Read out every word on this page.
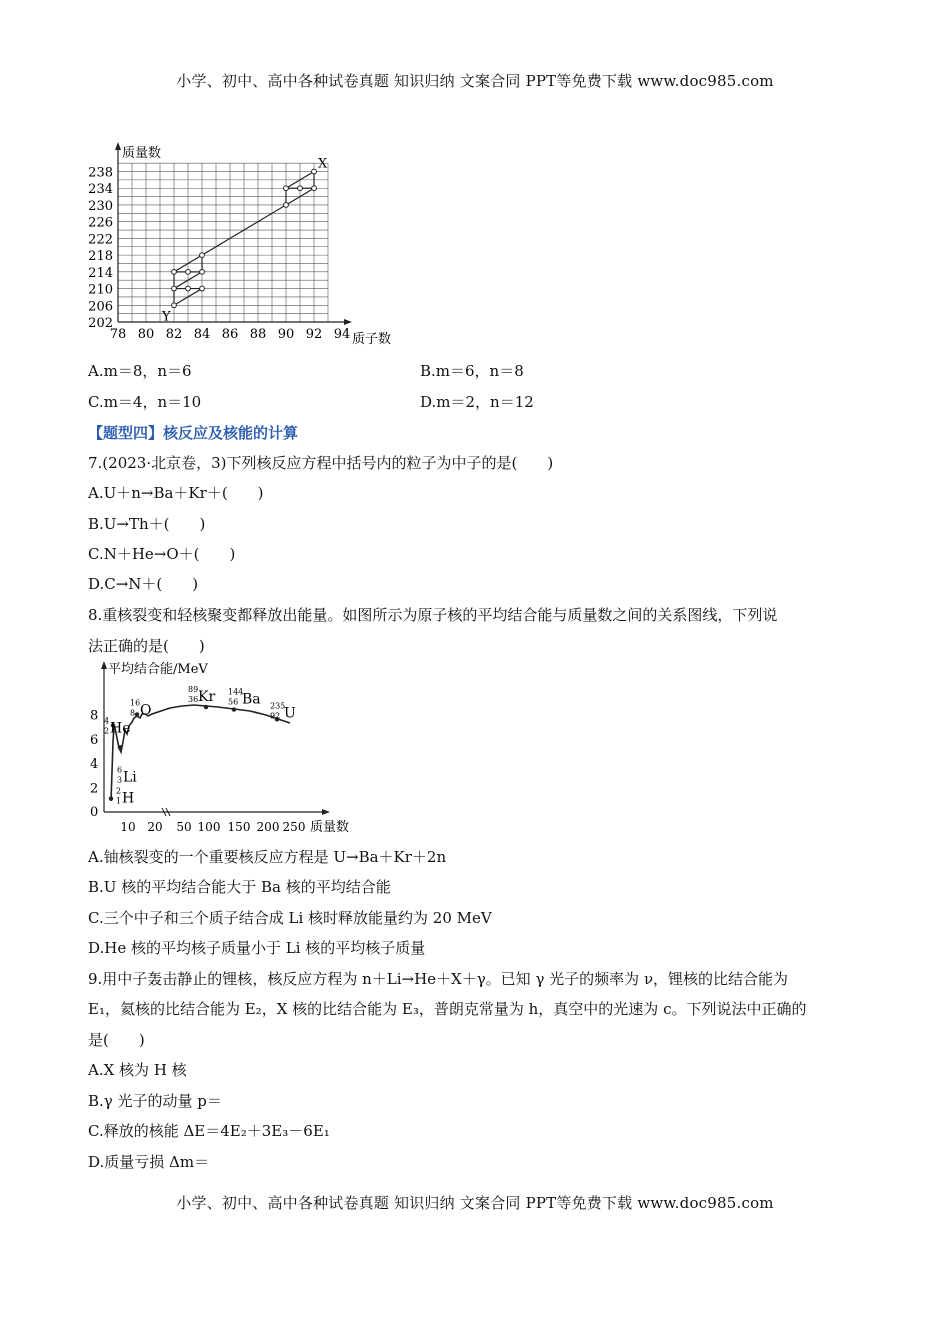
小学、初中、高中各种试卷真题 知识归纳 文案合同 PPT等免费下载 www.doc985.com
质量数
质子数
78 80 82 84 86 88 90 92 94
202
206
210
214
218
222
226
230
234
238
X
Y
A.m＝8，n＝6	B.m＝6，n＝8
C.m＝4，n＝10	D.m＝2，n＝12
【题型四】核反应及核能的计算
7.(2023·北京卷，3)下列核反应方程中括号内的粒子为中子的是(　　)
A.U＋n→Ba＋Kr＋(　　)
B.U→Th＋(　　)
C.N＋He→O＋(　　)
D.C→N＋(　　)
8.重核裂变和轻核聚变都释放出能量。如图所示为原子核的平均结合能与质量数之间的关系图线，下列说
法正确的是(　　)
平均结合能/MeV
质量数
0
2
4
6
8
10 20 50 100 150 200 250
2
1 H
6
3 Li
4
2 He
16
8 O
89
36 Kr 144
56 Ba 235
92 U
A.铀核裂变的一个重要核反应方程是 U→Ba＋Kr＋2n
B.U 核的平均结合能大于 Ba 核的平均结合能
C.三个中子和三个质子结合成 Li 核时释放能量约为 20 MeV
D.He 核的平均核子质量小于 Li 核的平均核子质量
9.用中子轰击静止的锂核，核反应方程为 n＋Li→He＋X＋γ。已知 γ 光子的频率为 ν，锂核的比结合能为
E₁，氦核的比结合能为 E₂，X 核的比结合能为 E₃，普朗克常量为 h，真空中的光速为 c。下列说法中正确的
是(　　)
A.X 核为 H 核
B.γ 光子的动量 p＝
C.释放的核能 ΔE＝4E₂＋3E₃－6E₁
D.质量亏损 Δm＝
小学、初中、高中各种试卷真题 知识归纳 文案合同 PPT等免费下载 www.doc985.com
